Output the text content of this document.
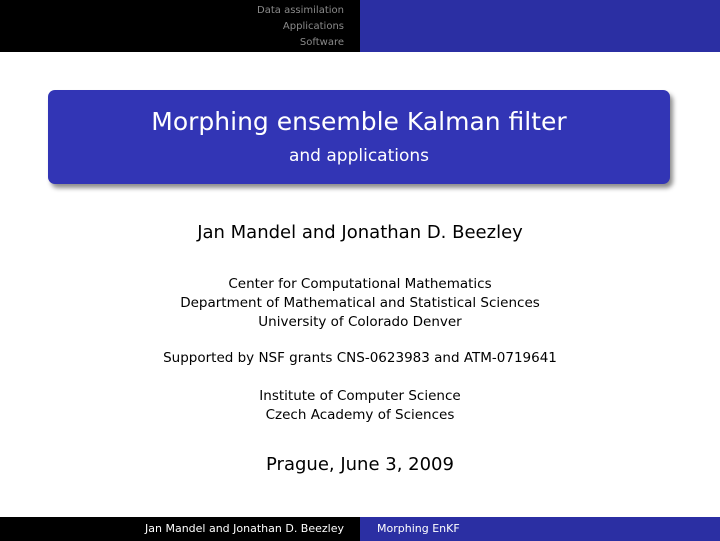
Data assimilation
Applications
Software
Morphing ensemble Kalman filter
and applications
Jan Mandel and Jonathan D. Beezley
Center for Computational Mathematics
Department of Mathematical and Statistical Sciences
University of Colorado Denver
Supported by NSF grants CNS-0623983 and ATM-0719641
Institute of Computer Science
Czech Academy of Sciences
Prague, June 3, 2009
Jan Mandel and Jonathan D. Beezley	Morphing EnKF
